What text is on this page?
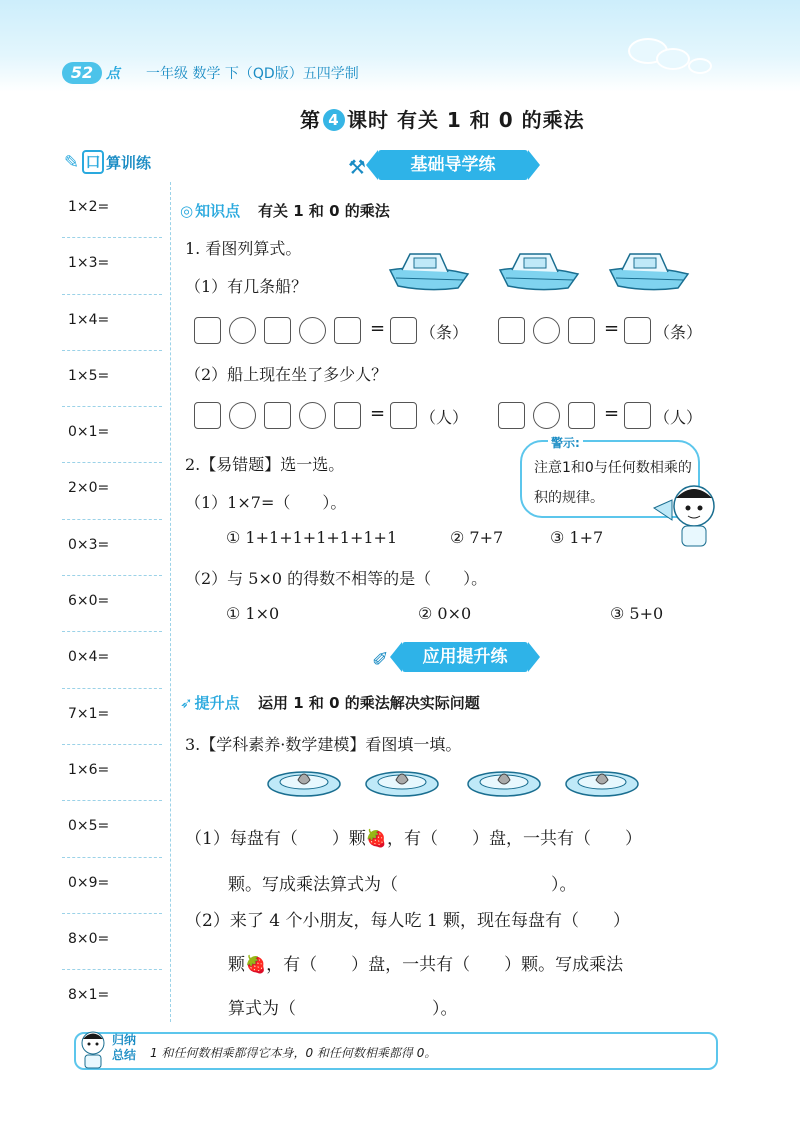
52 点 一年级 数学 下（QD版）五四学制
第 4 课时 有关 1 和 0 的乘法
✎ 口 算训练
1×2=
1×3=
1×4=
1×5=
0×1=
2×0=
0×3=
6×0=
0×4=
7×1=
1×6=
0×5=
0×9=
8×0=
8×1=
⚒	基础导学练
◎ 知识点 有关 1 和 0 的乘法
1. 看图列算式。
（1）有几条船？
= （条）	= （条）
（2）船上现在坐了多少人？
= （人）	= （人）
2.【易错题】选一选。
（1）1×7=（　　）。
① 1+1+1+1+1+1+1	② 7+7	③ 1+7
（2）与 5×0 的得数不相等的是（　　）。
① 1×0	② 0×0	③ 5+0
警示:
注意1和0与任何数相乘的积的规律。
✐ 应用提升练
➶ 提升点 运用 1 和 0 的乘法解决实际问题
3.【学科素养·数学建模】看图填一填。
（1）每盘有（　　）颗🍓，有（　　）盘，一共有（　　）
颗。写成乘法算式为（　　　　　　　　　）。
（2）来了 4 个小朋友，每人吃 1 颗，现在每盘有（　　）
颗🍓，有（　　）盘，一共有（　　）颗。写成乘法
算式为（　　　　　　　　）。
归纳总结	1 和任何数相乘都得它本身，0 和任何数相乘都得 0。
